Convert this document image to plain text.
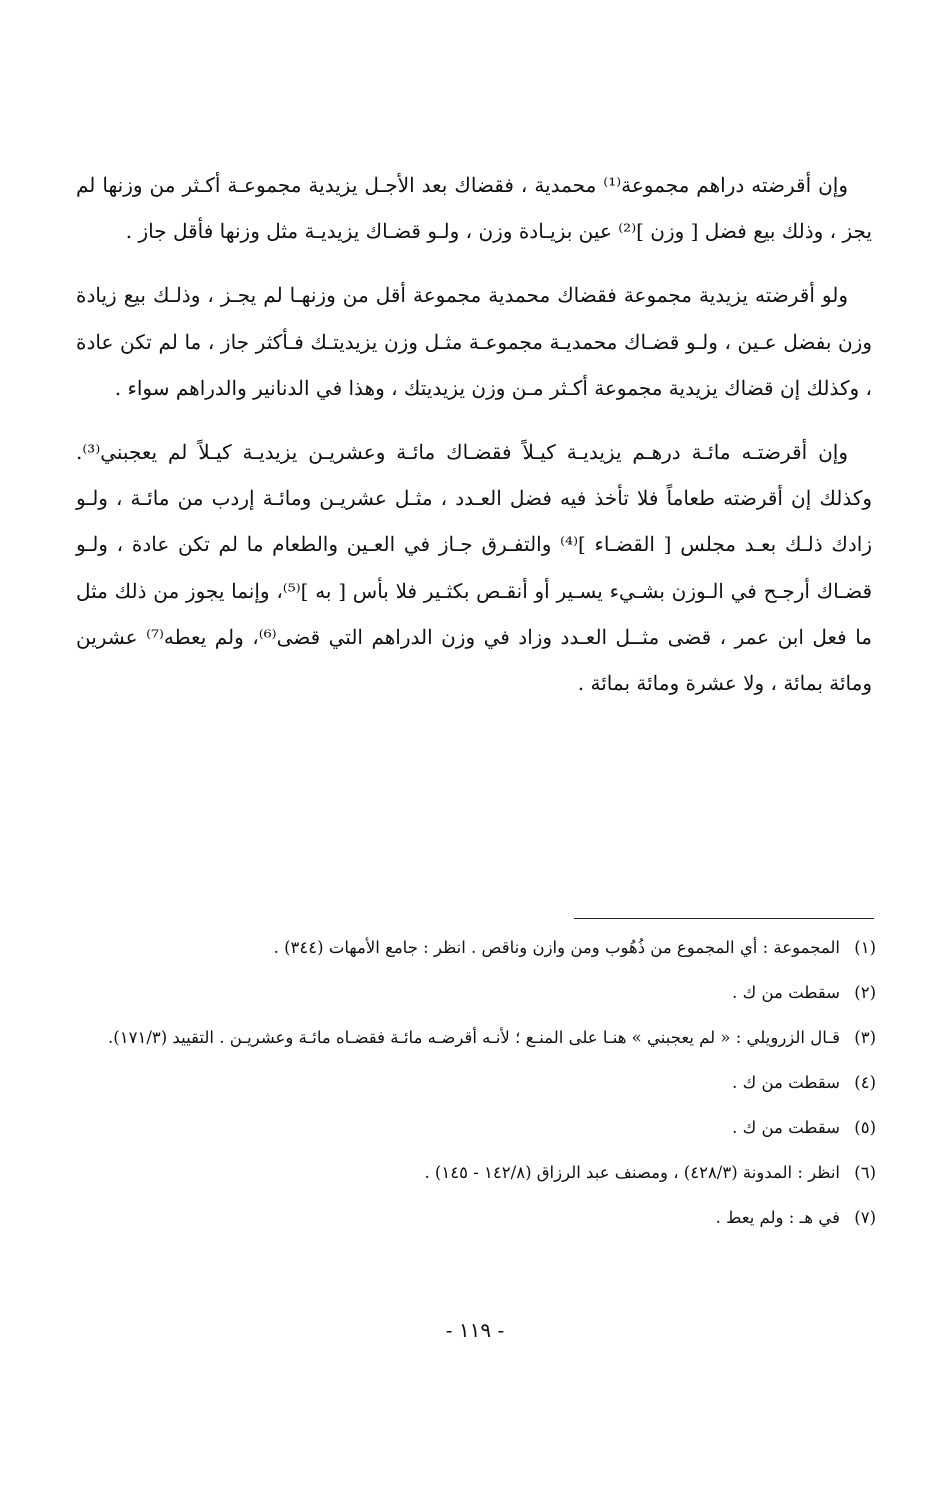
وإن أقرضته دراهم مجموعة⁽¹⁾ محمدية ، فقضاك بعد الأجـل يزيدية مجموعـة أكـثر من وزنها لم يجز ، وذلك بيع فضل [ وزن ]⁽²⁾ عين بزيـادة وزن ، ولـو قضـاك يزيديـة مثل وزنها فأقل جاز .

ولو أقرضته يزيدية مجموعة فقضاك محمدية مجموعة أقل من وزنهـا لم يجـز ، وذلـك بيع زيادة وزن بفضل عـين ، ولـو قضـاك محمديـة مجموعـة مثـل وزن يزيديتـك فـأكثر جاز ، ما لم تكن عادة ، وكذلك إن قضاك يزيدية مجموعة أكـثر مـن وزن يزيديتك ، وهذا في الدنانير والدراهم سواء .

وإن أقرضتـه مائـة درهـم يزيديـة كيـلاً فقضـاك مائـة وعشريـن يزيديـة كيـلاً لم يعجبني⁽³⁾. وكذلك إن أقرضته طعاماً فلا تأخذ فيه فضل العـدد ، مثـل عشريـن ومائـة إردب من مائـة ، ولـو زادك ذلـك بعـد مجلس [ القضـاء ]⁽⁴⁾ والتفـرق جـاز في العـين والطعام ما لم تكن عادة ، ولـو قضـاك أرجـح في الـوزن بشـيء يسـير أو أنقـص بكثـير فلا بأس [ به ]⁽⁵⁾، وإنما يجوز من ذلك مثل ما فعل ابن عمر ، قضى مثــل العـدد وزاد في وزن الدراهم التي قضى⁽⁶⁾، ولم يعطه⁽⁷⁾ عشرين ومائة بمائة ، ولا عشرة ومائة بمائة .

(١)
المجموعة : أي المجموع من ذُهُوب ومن وازن وناقص . انظر : جامع الأمهات (٣٤٤) .
(٢)
سقطت من ك .
(٣)
قـال الزرويلي : « لم يعجبني » هنـا على المنـع ؛ لأنـه أقرضـه مائـة فقضـاه مائـة وعشريـن . التقييد (١٧١/٣).
(٤)
سقطت من ك .
(٥)
سقطت من ك .
(٦)
انظر : المدونة (٤٢٨/٣) ، ومصنف عبد الرزاق (١٤٢/٨ - ١٤٥) .
(٧)
في هـ : ولم يعط .
- ١١٩ -
